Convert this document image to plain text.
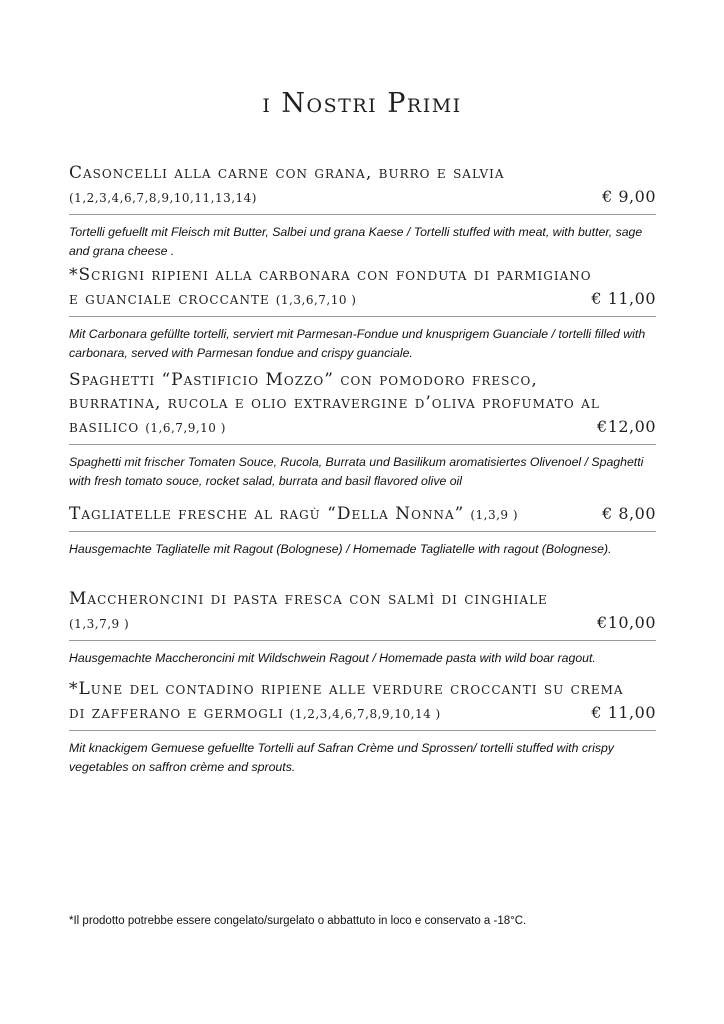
i Nostri Primi
Casoncelli alla carne con grana, burro e salvia
(1,2,3,4,6,7,8,9,10,11,13,14)	€ 9,00
Tortelli gefuellt mit Fleisch mit Butter, Salbei und grana Kaese / Tortelli stuffed with meat, with butter, sage and grana cheese .
*Scrigni ripieni alla carbonara con fonduta di parmigiano
e guanciale croccante (1,3,6,7,10 )	€ 11,00
Mit Carbonara gefüllte tortelli, serviert mit Parmesan-Fondue und knusprigem Guanciale / tortelli filled with carbonara, served with Parmesan fondue and crispy guanciale.
Spaghetti “Pastificio Mozzo” con pomodoro fresco,
burratina, rucola e olio extravergine d’oliva profumato al
basilico (1,6,7,9,10 )	€12,00
Spaghetti mit frischer Tomaten Souce, Rucola, Burrata und Basilikum aromatisiertes Olivenoel / Spaghetti with fresh tomato souce, rocket salad, burrata and basil flavored olive oil
Tagliatelle fresche al ragù “Della Nonna” (1,3,9 )	€ 8,00
Hausgemachte Tagliatelle mit Ragout (Bolognese) / Homemade Tagliatelle with ragout (Bolognese).
Maccheroncini di pasta fresca con salmì di cinghiale
(1,3,7,9 )	€10,00
Hausgemachte Maccheroncini mit Wildschwein Ragout / Homemade pasta with wild boar ragout.
*Lune del contadino ripiene alle verdure croccanti su crema
di zafferano e germogli (1,2,3,4,6,7,8,9,10,14 )	€ 11,00
Mit knackigem Gemuese gefuellte Tortelli auf Safran Crème und Sprossen/ tortelli stuffed with crispy vegetables on saffron crème and sprouts.
*Il prodotto potrebbe essere congelato/surgelato o abbattuto in loco e conservato a -18°C.
